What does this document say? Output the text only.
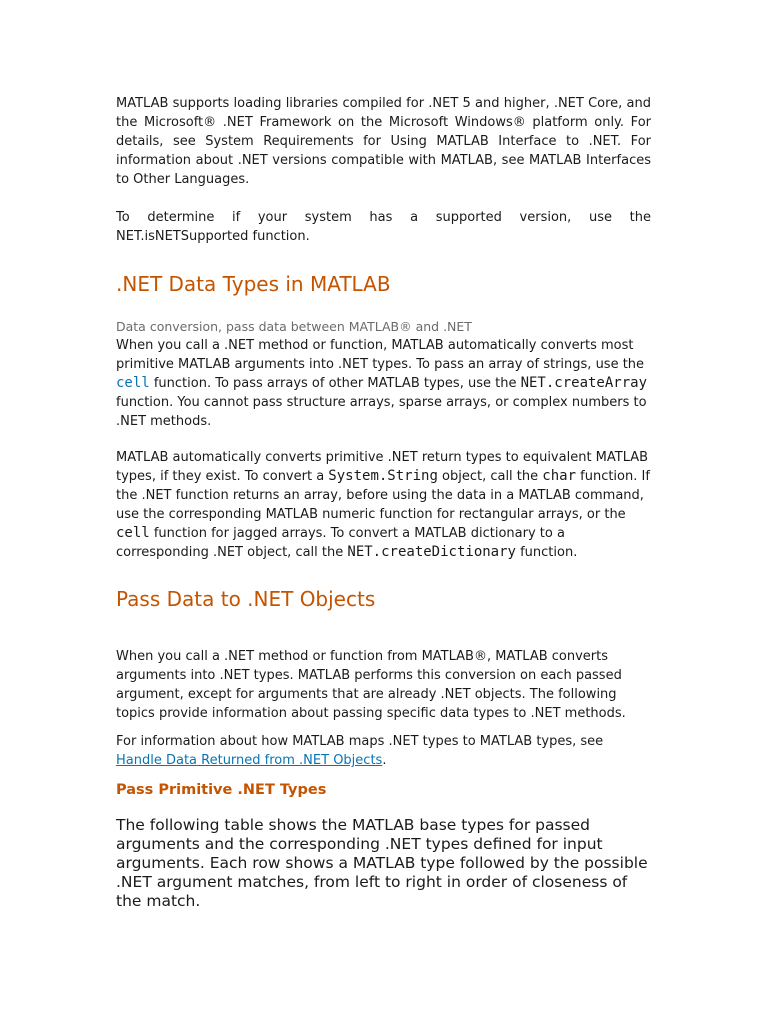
MATLAB supports loading libraries compiled for .NET 5 and higher, .NET Core, and the Microsoft® .NET Framework on the Microsoft Windows® platform only. For details, see System Requirements for Using MATLAB Interface to .NET. For information about .NET versions compatible with MATLAB, see MATLAB Interfaces to Other Languages.

To determine if your system has a supported version, use the NET.isNETSupported function.

.NET Data Types in MATLAB

Data conversion, pass data between MATLAB® and .NET

When you call a .NET method or function, MATLAB automatically converts most primitive MATLAB arguments into .NET types. To pass an array of strings, use the cell function. To pass arrays of other MATLAB types, use the NET.createArray function. You cannot pass structure arrays, sparse arrays, or complex numbers to .NET methods.

MATLAB automatically converts primitive .NET return types to equivalent MATLAB types, if they exist. To convert a System.String object, call the char function. If the .NET function returns an array, before using the data in a MATLAB command, use the corresponding MATLAB numeric function for rectangular arrays, or the cell function for jagged arrays. To convert a MATLAB dictionary to a corresponding .NET object, call the NET.createDictionary function.

Pass Data to .NET Objects

When you call a .NET method or function from MATLAB®, MATLAB converts arguments into .NET types. MATLAB performs this conversion on each passed argument, except for arguments that are already .NET objects. The following topics provide information about passing specific data types to .NET methods.

For information about how MATLAB maps .NET types to MATLAB types, see Handle Data Returned from .NET Objects.

Pass Primitive .NET Types

The following table shows the MATLAB base types for passed arguments and the corresponding .NET types defined for input arguments. Each row shows a MATLAB type followed by the possible .NET argument matches, from left to right in order of closeness of the match.
